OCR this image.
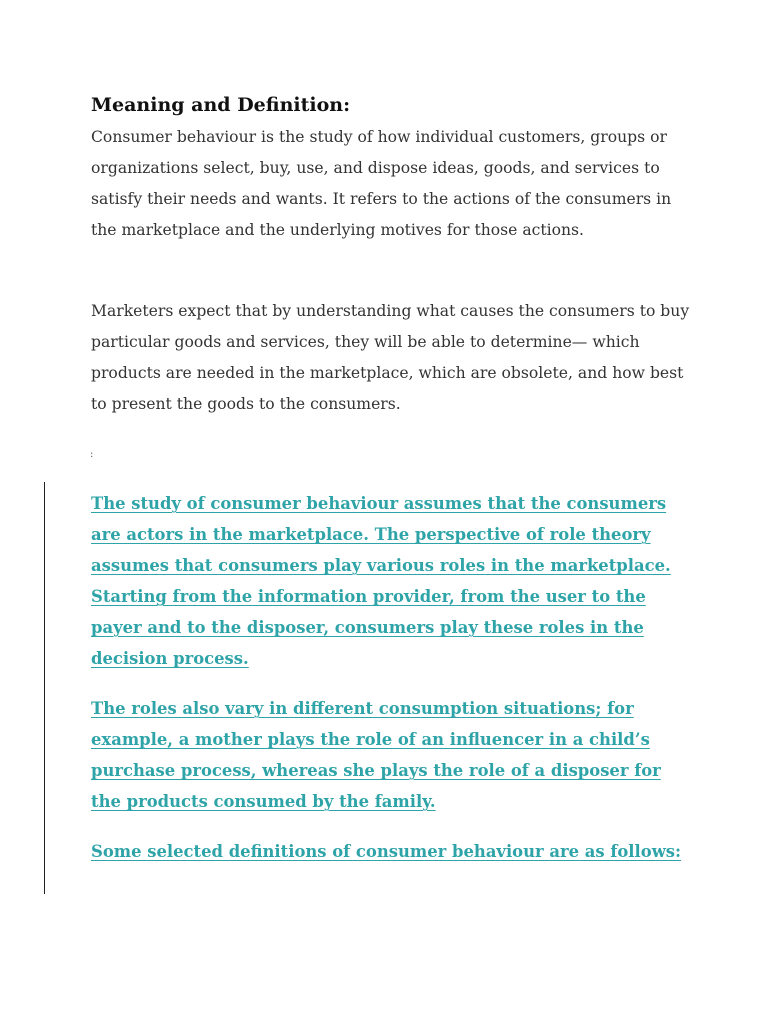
Meaning and Definition:

Consumer behaviour is the study of how individual customers, groups or organizations select, buy, use, and dispose ideas, goods, and services to satisfy their needs and wants. It refers to the actions of the consumers in the marketplace and the underlying motives for those actions.

Marketers expect that by understanding what causes the consumers to buy particular goods and services, they will be able to determine— which products are needed in the marketplace, which are obsolete, and how best to present the goods to the consumers.

:

The study of consumer behaviour assumes that the consumers are actors in the marketplace. The perspective of role theory assumes that consumers play various roles in the marketplace. Starting from the information provider, from the user to the payer and to the disposer, consumers play these roles in the decision process.

The roles also vary in different consumption situations; for example, a mother plays the role of an influencer in a child’s purchase process, whereas she plays the role of a disposer for the products consumed by the family.

Some selected definitions of consumer behaviour are as follows:
